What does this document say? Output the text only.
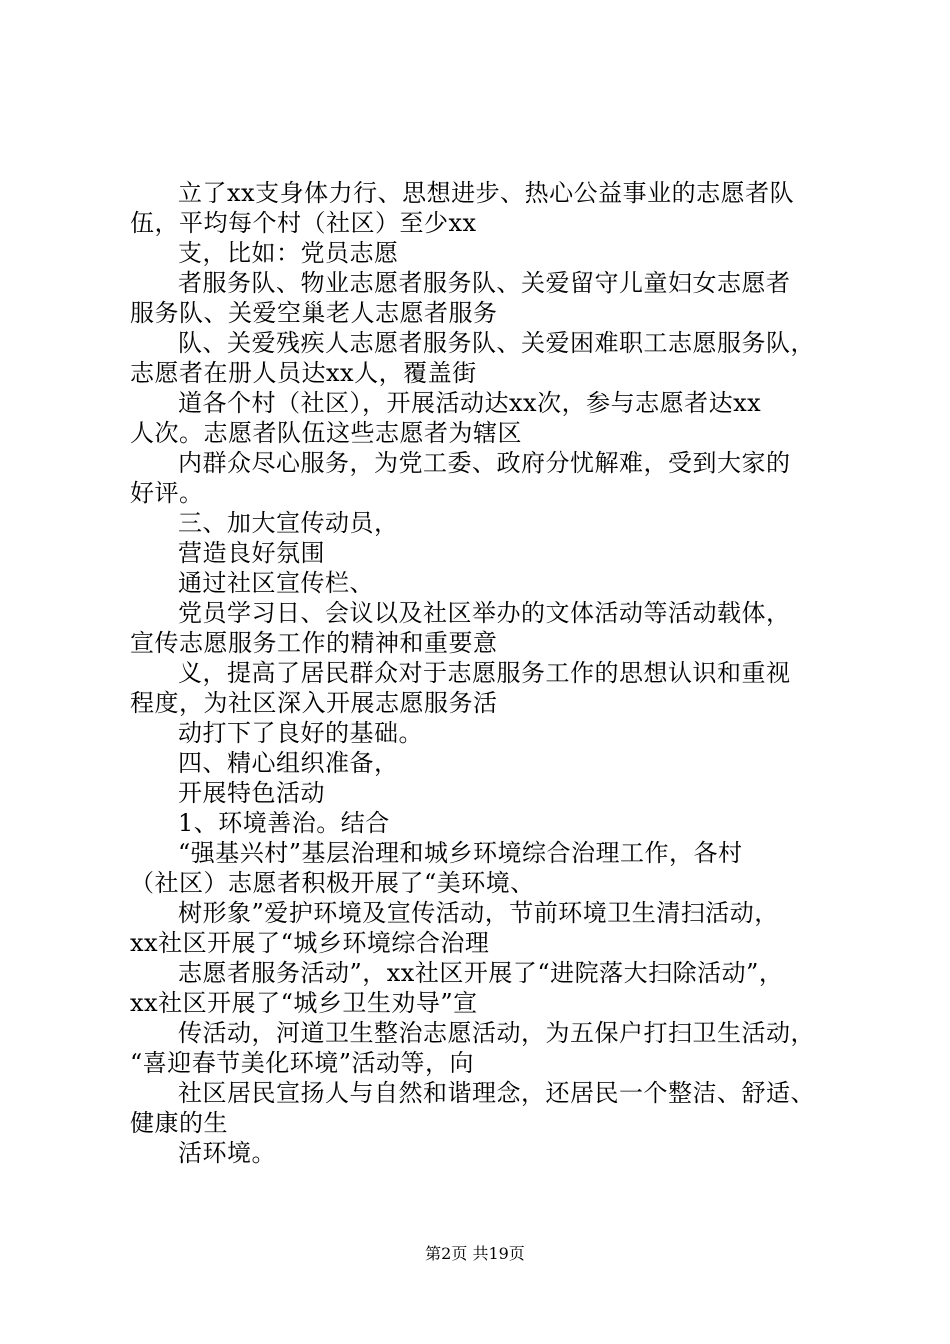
立了xx支身体力行、思想进步、热心公益事业的志愿者队
伍，平均每个村（社区）至少xx
支，比如：党员志愿
者服务队、物业志愿者服务队、关爱留守儿童妇女志愿者
服务队、关爱空巢老人志愿者服务
队、关爱残疾人志愿者服务队、关爱困难职工志愿服务队，
志愿者在册人员达xx人，覆盖街
道各个村（社区），开展活动达xx次，参与志愿者达xx
人次。志愿者队伍这些志愿者为辖区
内群众尽心服务，为党工委、政府分忧解难，受到大家的
好评。
三、加大宣传动员，
营造良好氛围
通过社区宣传栏、
党员学习日、会议以及社区举办的文体活动等活动载体，
宣传志愿服务工作的精神和重要意
义，提高了居民群众对于志愿服务工作的思想认识和重视
程度，为社区深入开展志愿服务活
动打下了良好的基础。
四、精心组织准备，
开展特色活动
1、环境善治。结合
“强基兴村”基层治理和城乡环境综合治理工作，各村
（社区）志愿者积极开展了“美环境、
树形象”爱护环境及宣传活动，节前环境卫生清扫活动，
xx社区开展了“城乡环境综合治理
志愿者服务活动”，xx社区开展了“进院落大扫除活动”，
xx社区开展了“城乡卫生劝导”宣
传活动，河道卫生整治志愿活动，为五保户打扫卫生活动，
“喜迎春节美化环境”活动等，向
社区居民宣扬人与自然和谐理念，还居民一个整洁、舒适、
健康的生
活环境。
第2页 共19页
